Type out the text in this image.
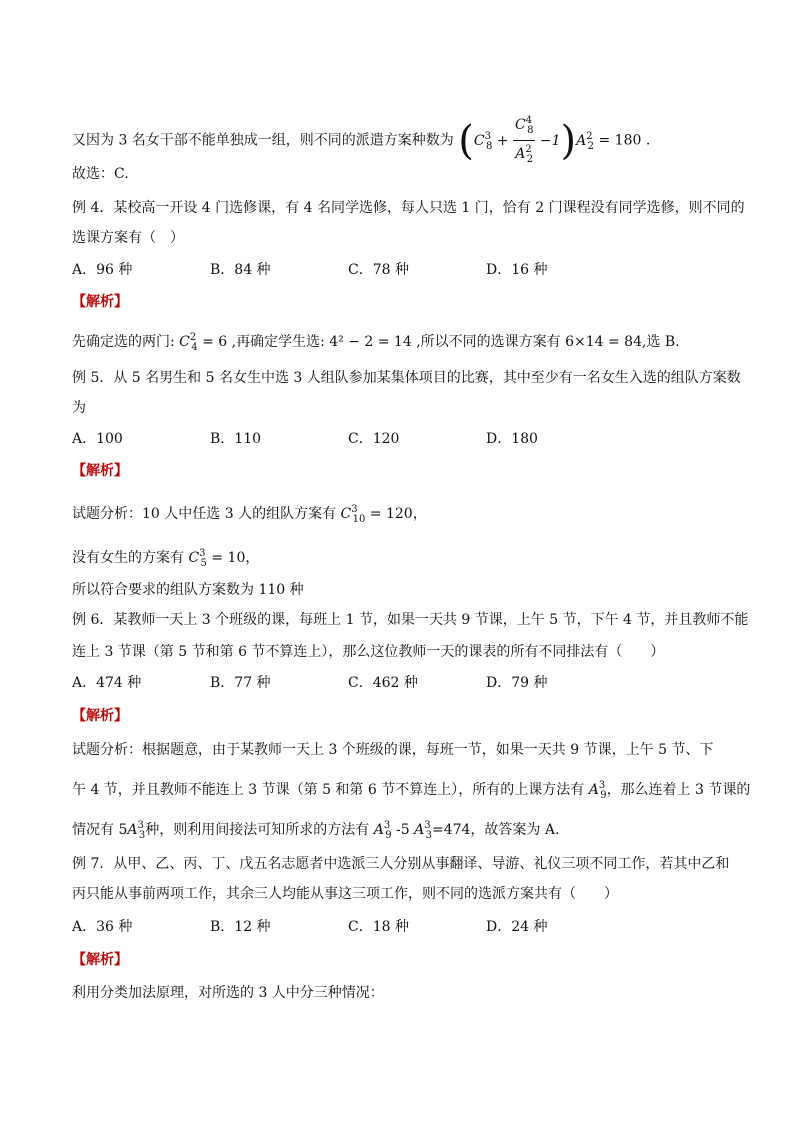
又因为 3 名女干部不能单独成一组，则不同的派遣方案种数为 $(C^3_8 + \frac{C^4_8}{A^2_2} -1)A^2_2 = 180$ .
故选：C.
例 4．某校高一开设 4 门选修课，有 4 名同学选修，每人只选 1 门，恰有 2 门课程没有同学选修，则不同的
选课方案有（　）
A．96 种	B．84 种	C．78 种	D．16 种
【解析】
先确定选的两门: $C^2_4 = 6$ ,再确定学生选: 4² − 2 = 14 ,所以不同的选课方案有 6×14 = 84,选 B.
例 5．从 5 名男生和 5 名女生中选 3 人组队参加某集体项目的比赛，其中至少有一名女生入选的组队方案数
为
A．100	B．110	C．120	D．180
【解析】
试题分析：10 人中任选 3 人的组队方案有 $C^3_{10} = 120$，
没有女生的方案有 $C^3_5 = 10$，
所以符合要求的组队方案数为 110 种
例 6．某教师一天上 3 个班级的课，每班上 1 节，如果一天共 9 节课，上午 5 节，下午 4 节，并且教师不能
连上 3 节课（第 5 节和第 6 节不算连上），那么这位教师一天的课表的所有不同排法有（　　）
A．474 种	B．77 种	C．462 种	D．79 种
【解析】
试题分析：根据题意，由于某教师一天上 3 个班级的课，每班一节，如果一天共 9 节课，上午 5 节、下
午 4 节，并且教师不能连上 3 节课（第 5 和第 6 节不算连上），所有的上课方法有 $A^3_9$，那么连着上 3 节课的
情况有 $5A^3_3$种，则利用间接法可知所求的方法有 $A^3_9$ -5 $A^3_3=474$，故答案为 A.
例 7．从甲、乙、丙、丁、戊五名志愿者中选派三人分别从事翻译、导游、礼仪三项不同工作，若其中乙和
丙只能从事前两项工作，其余三人均能从事这三项工作，则不同的选派方案共有（　　）
A．36 种	B．12 种	C．18 种	D．24 种
【解析】
利用分类加法原理，对所选的 3 人中分三种情况：
